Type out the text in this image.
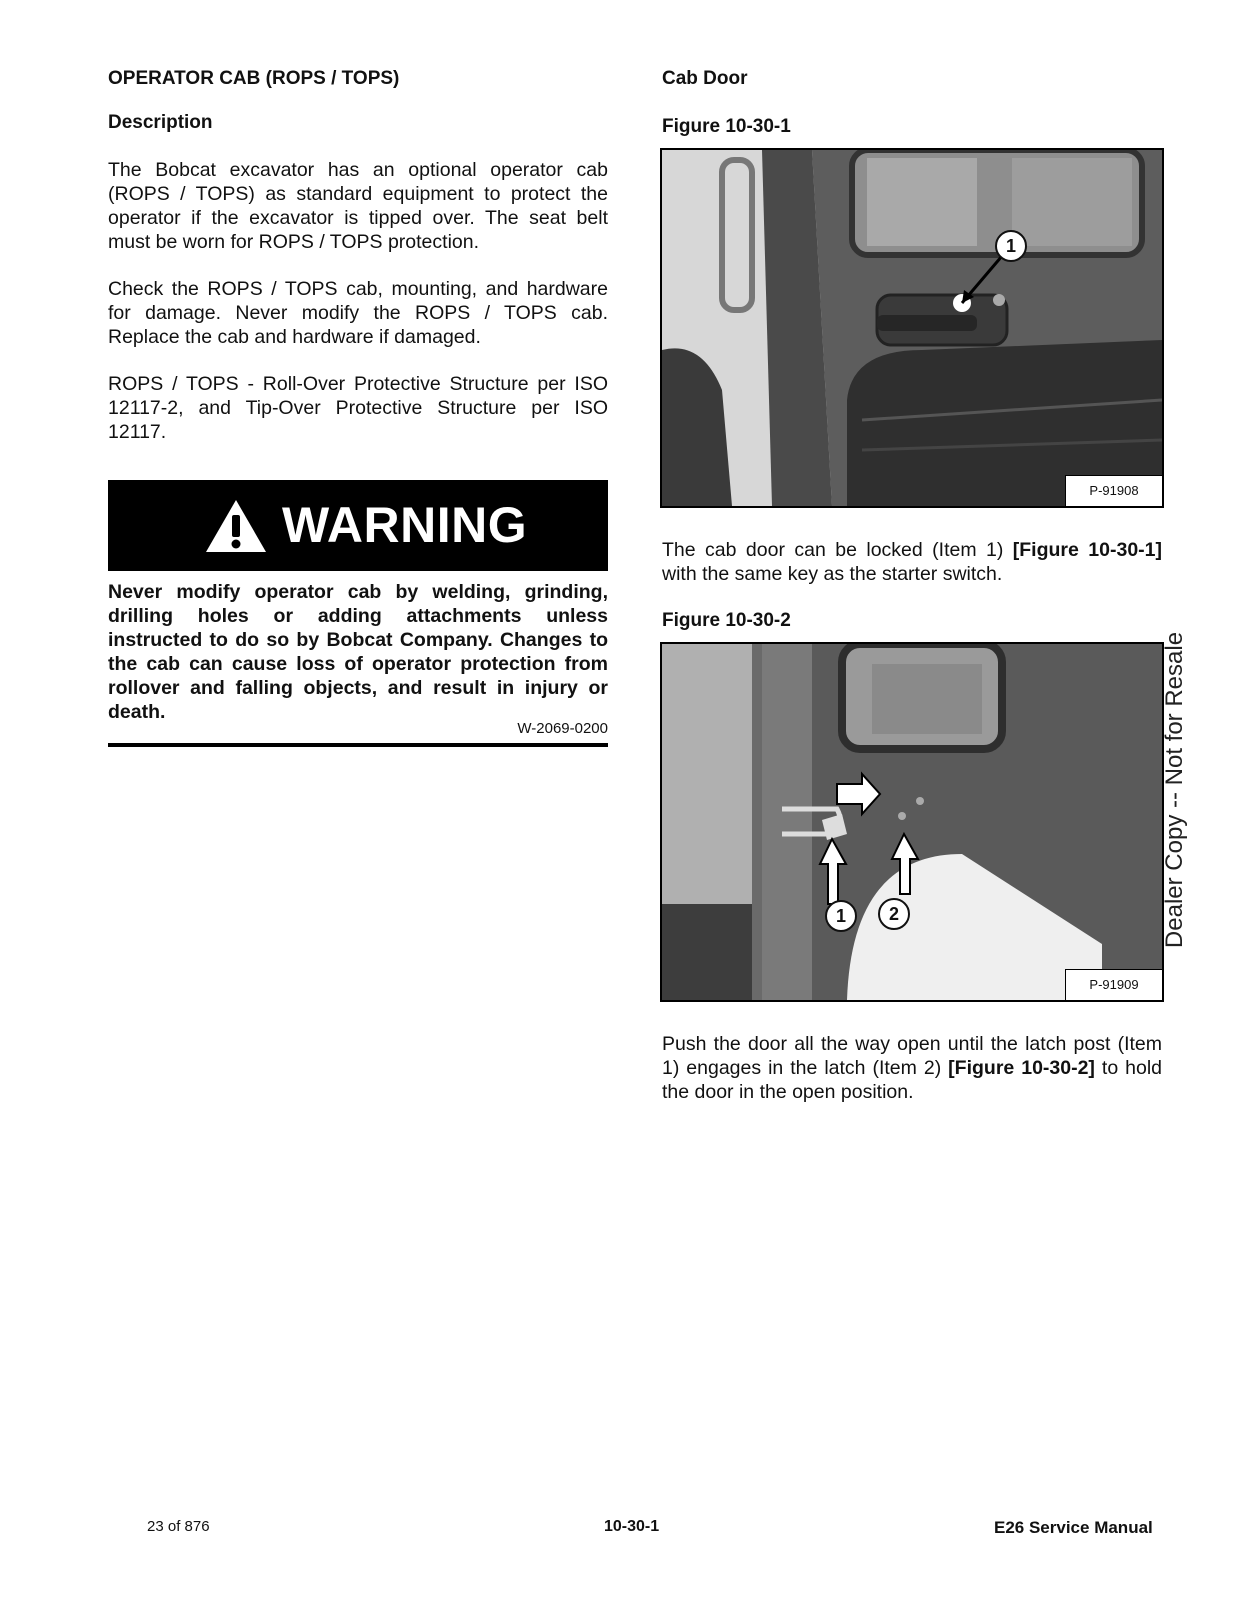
OPERATOR CAB (ROPS / TOPS)
Description
The Bobcat excavator has an optional operator cab (ROPS / TOPS) as standard equipment to protect the operator if the excavator is tipped over. The seat belt must be worn for ROPS / TOPS protection.
Check the ROPS / TOPS cab, mounting, and hardware for damage. Never modify the ROPS / TOPS cab. Replace the cab and hardware if damaged.
ROPS / TOPS - Roll-Over Protective Structure per ISO 12117-2, and Tip-Over Protective Structure per ISO 12117.
WARNING
Never modify operator cab by welding, grinding, drilling holes or adding attachments unless instructed to do so by Bobcat Company. Changes to the cab can cause loss of operator protection from rollover and falling objects, and result in injury or death.
W-2069-0200
Cab Door
Figure 10-30-1
1
P-91908
The cab door can be locked (Item 1) [Figure 10-30-1] with the same key as the starter switch.
Figure 10-30-2
1	2
P-91909
Push the door all the way open until the latch post (Item 1) engages in the latch (Item 2) [Figure 10-30-2] to hold the door in the open position.
Dealer Copy -- Not for Resale
23 of 876	10-30-1	E26 Service Manual
